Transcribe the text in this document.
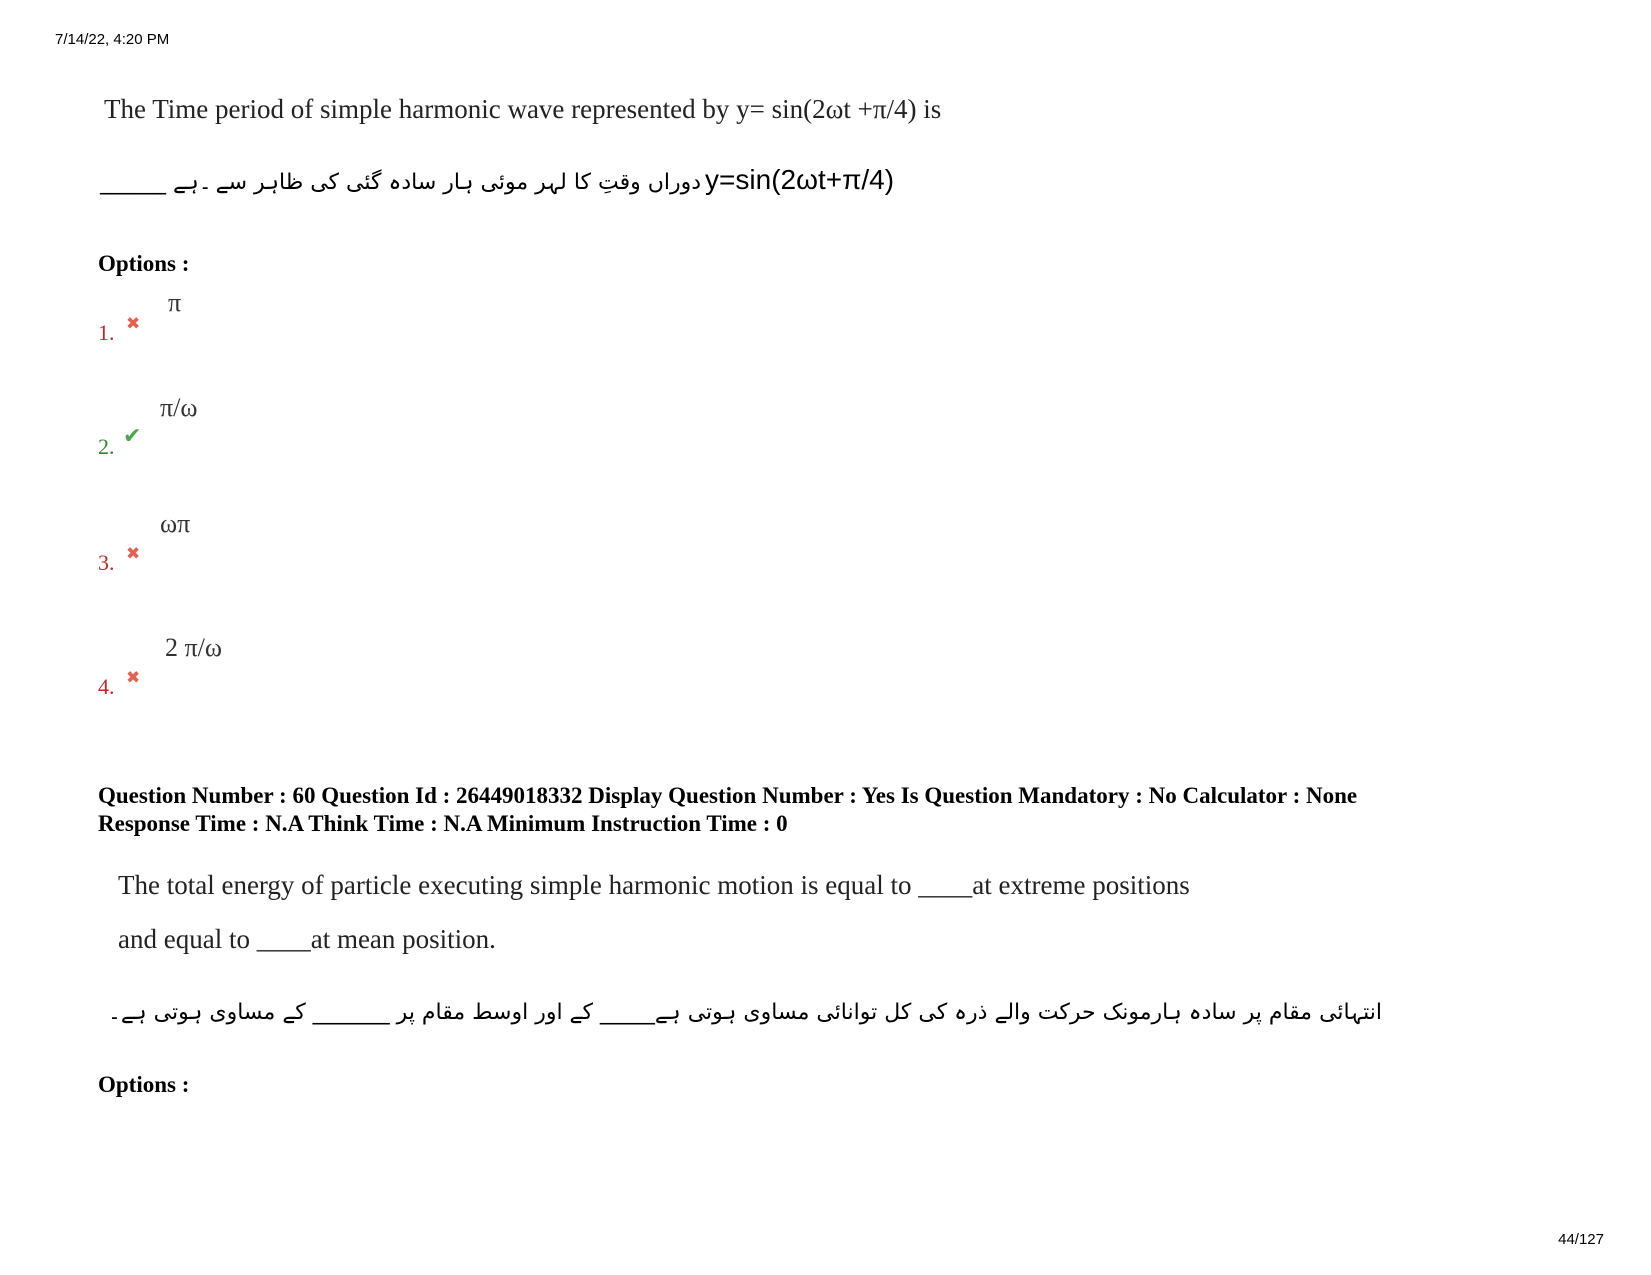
7/14/22, 4:20 PM
The Time period of simple harmonic wave represented by y= sin(2ωt +π/4) is
۔ہے ______ دوراں وقتِ کا لہر موئی ہار سادہ گئی کی ظاہر سے y=sin(2ωt+π/4)
Options :
1. ✖
π
2. ✔
π/ω
3. ✖
ωπ
4. ✖
2 π/ω
Question Number : 60 Question Id : 26449018332 Display Question Number : Yes Is Question Mandatory : No Calculator : None
Response Time : N.A Think Time : N.A Minimum Instruction Time : 0
The total energy of particle executing simple harmonic motion is equal to ____at extreme positions
and equal to ____at mean position.
انتہائی مقام پر سادہ ہارمونک حرکت والے ذرہ کی کل توانائی مساوی ہوتی ہے_____ کے اور اوسط مقام پر _______ کے مساوی ہوتی ہے۔
Options :
44/127
